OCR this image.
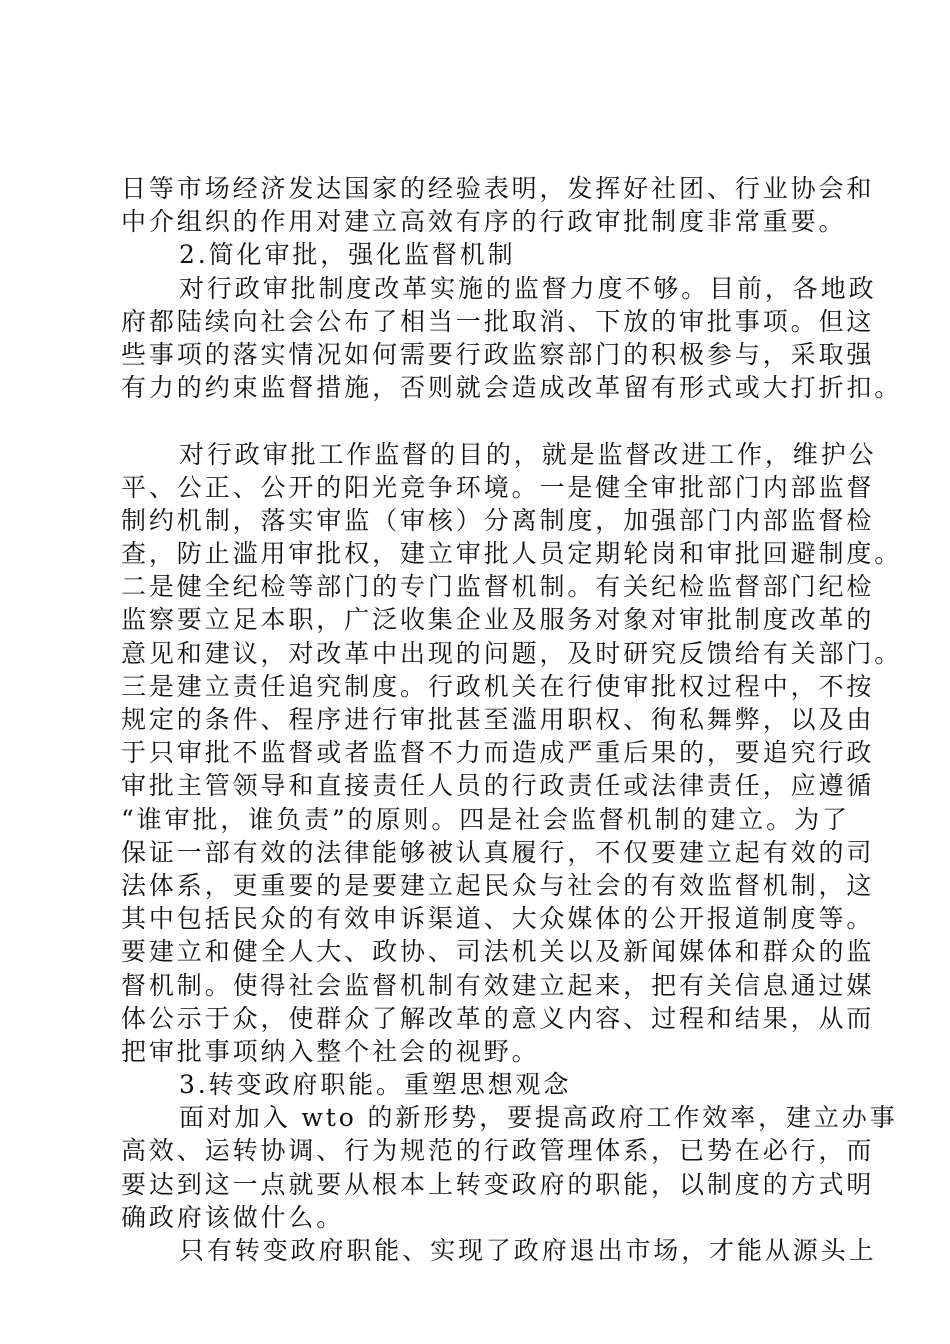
日等市场经济发达国家的经验表明，发挥好社团、行业协会和
中介组织的作用对建立高效有序的行政审批制度非常重要。
2.简化审批，强化监督机制
对行政审批制度改革实施的监督力度不够。目前，各地政
府都陆续向社会公布了相当一批取消、下放的审批事项。但这
些事项的落实情况如何需要行政监察部门的积极参与，采取强
有力的约束监督措施，否则就会造成改革留有形式或大打折扣。
对行政审批工作监督的目的，就是监督改进工作，维护公
平、公正、公开的阳光竞争环境。一是健全审批部门内部监督
制约机制，落实审监（审核）分离制度，加强部门内部监督检
查，防止滥用审批权，建立审批人员定期轮岗和审批回避制度。
二是健全纪检等部门的专门监督机制。有关纪检监督部门纪检
监察要立足本职，广泛收集企业及服务对象对审批制度改革的
意见和建议，对改革中出现的问题，及时研究反馈给有关部门。
三是建立责任追究制度。行政机关在行使审批权过程中，不按
规定的条件、程序进行审批甚至滥用职权、徇私舞弊，以及由
于只审批不监督或者监督不力而造成严重后果的，要追究行政
审批主管领导和直接责任人员的行政责任或法律责任，应遵循
“谁审批，谁负责”的原则。四是社会监督机制的建立。为了
保证一部有效的法律能够被认真履行，不仅要建立起有效的司
法体系，更重要的是要建立起民众与社会的有效监督机制，这
其中包括民众的有效申诉渠道、大众媒体的公开报道制度等。
要建立和健全人大、政协、司法机关以及新闻媒体和群众的监
督机制。使得社会监督机制有效建立起来，把有关信息通过媒
体公示于众，使群众了解改革的意义内容、过程和结果，从而
把审批事项纳入整个社会的视野。
3.转变政府职能。重塑思想观念
面对加入 wto 的新形势，要提高政府工作效率，建立办事
高效、运转协调、行为规范的行政管理体系，已势在必行，而
要达到这一点就要从根本上转变政府的职能，以制度的方式明
确政府该做什么。
只有转变政府职能、实现了政府退出市场，才能从源头上
